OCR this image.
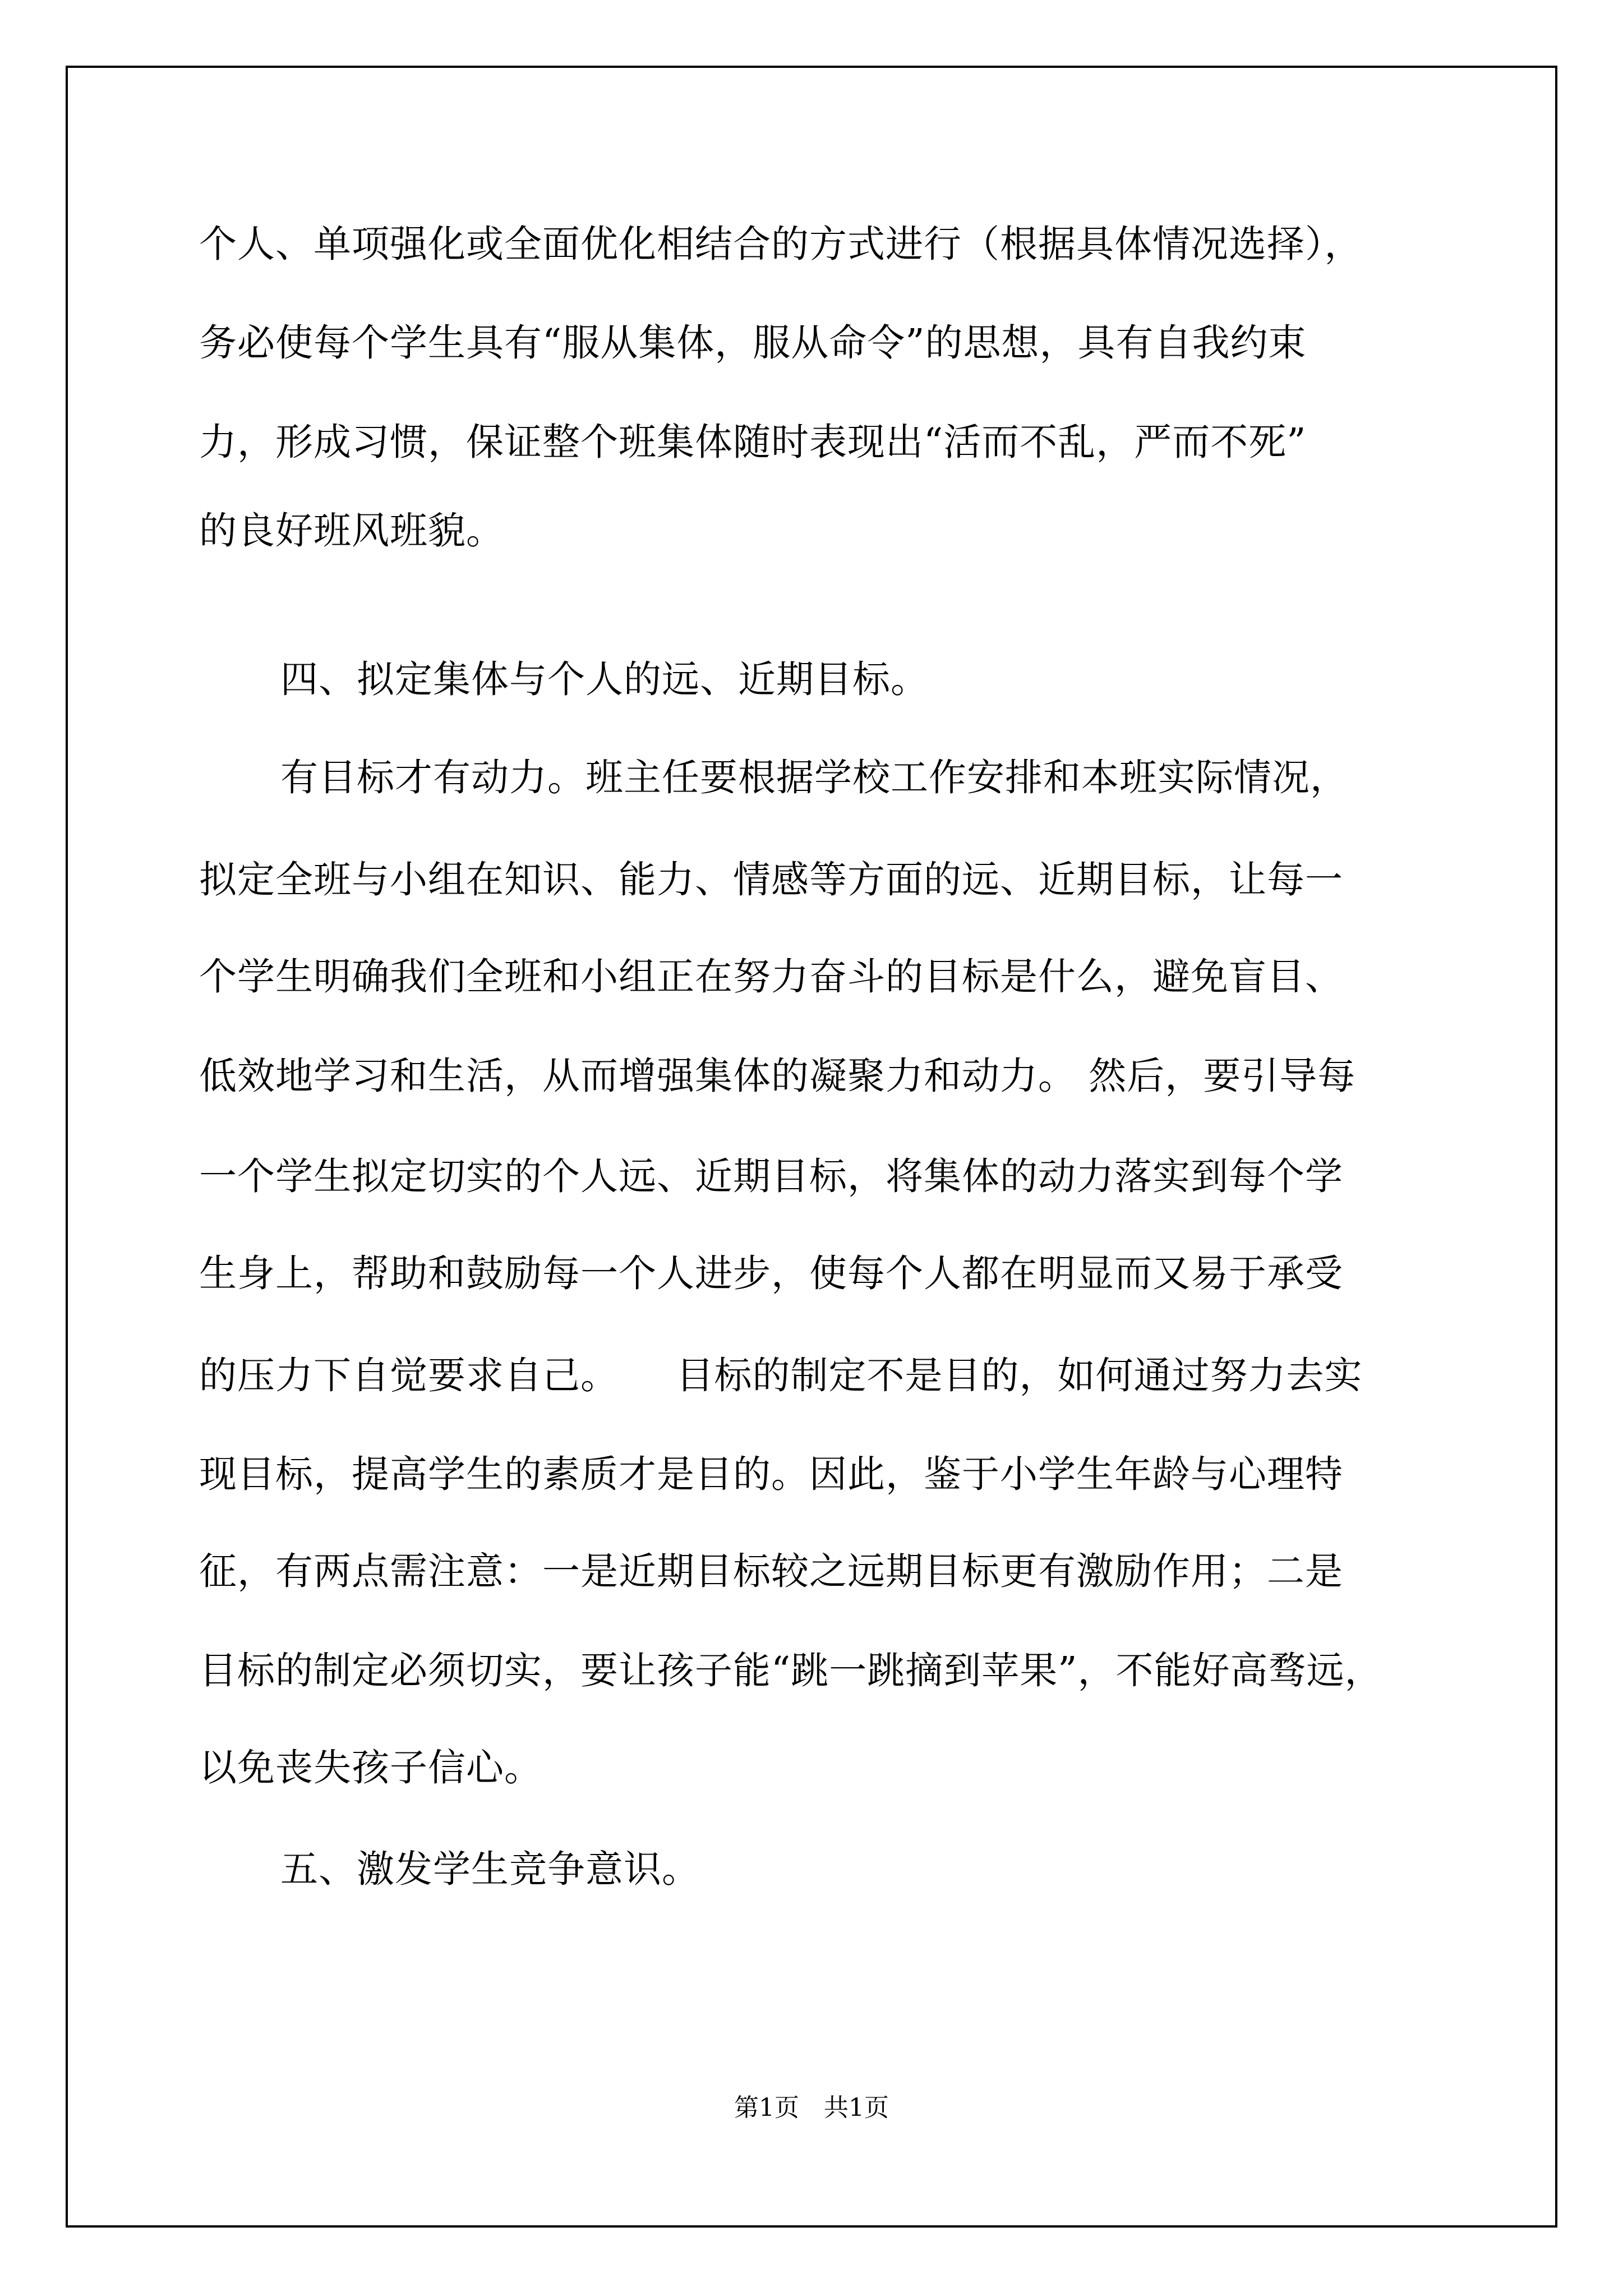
个人、单项强化或全面优化相结合的方式进行（根据具体情况选择），
务必使每个学生具有“服从集体，服从命令”的思想，具有自我约束
力，形成习惯，保证整个班集体随时表现出“活而不乱，严而不死”
的良好班风班貌。
四、拟定集体与个人的远、近期目标。
有目标才有动力。班主任要根据学校工作安排和本班实际情况，
拟定全班与小组在知识、能力、情感等方面的远、近期目标，让每一
个学生明确我们全班和小组正在努力奋斗的目标是什么，避免盲目、
低效地学习和生活，从而增强集体的凝聚力和动力。 然后，要引导每
一个学生拟定切实的个人远、近期目标，将集体的动力落实到每个学
生身上，帮助和鼓励每一个人进步，使每个人都在明显而又易于承受
的压力下自觉要求自己。　　目标的制定不是目的，如何通过努力去实
现目标，提高学生的素质才是目的。因此，鉴于小学生年龄与心理特
征，有两点需注意：一是近期目标较之远期目标更有激励作用；二是
目标的制定必须切实，要让孩子能“跳一跳摘到苹果”，不能好高骛远，
以免丧失孩子信心。
五、激发学生竞争意识。
第1页　共1页
